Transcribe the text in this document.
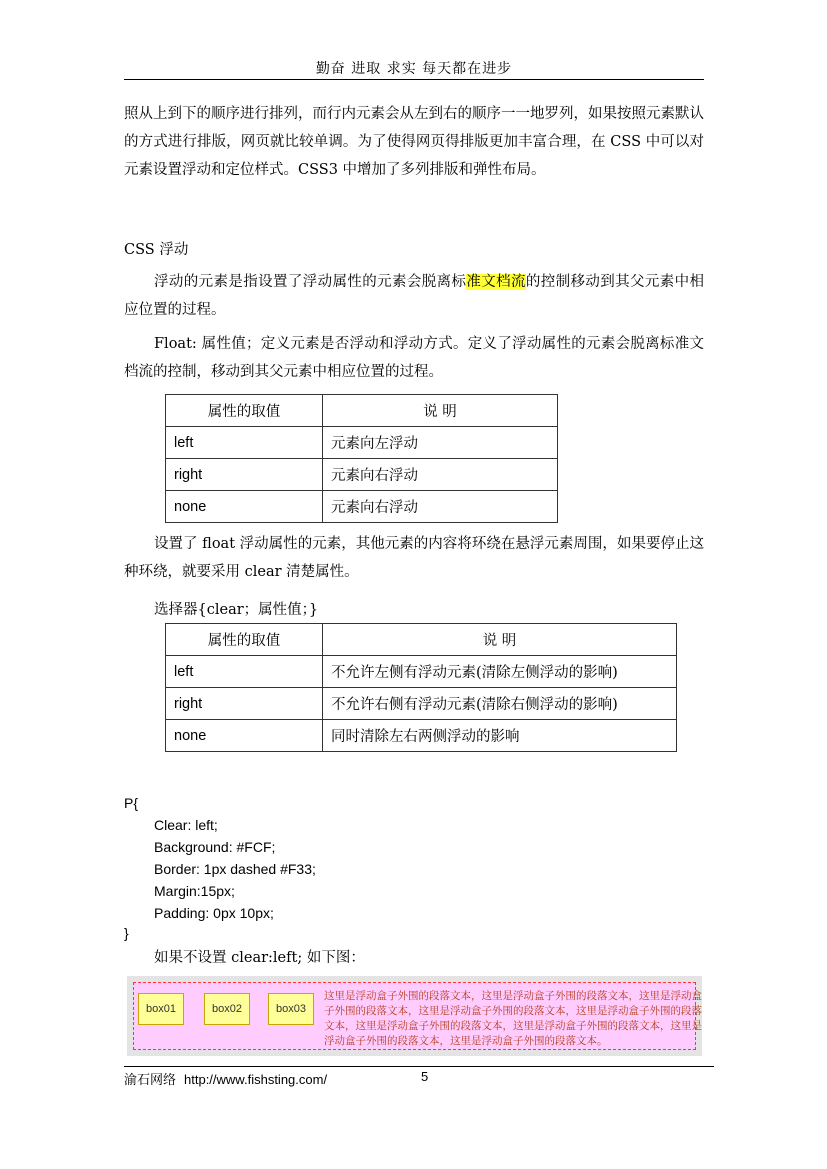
勤奋 进取 求实 每天都在进步
照从上到下的顺序进行排列，而行内元素会从左到右的顺序一一地罗列，如果按照元素默认的方式进行排版，网页就比较单调。为了使得网页得排版更加丰富合理，在 CSS 中可以对元素设置浮动和定位样式。CSS3 中增加了多列排版和弹性布局。
CSS 浮动
浮动的元素是指设置了浮动属性的元素会脱离标准文档流的控制移动到其父元素中相应位置的过程。
Float: 属性值；定义元素是否浮动和浮动方式。定义了浮动属性的元素会脱离标准文档流的控制，移动到其父元素中相应位置的过程。
属性的取值	说 明
left	元素向左浮动
right	元素向右浮动
none	元素向右浮动
设置了 float 浮动属性的元素，其他元素的内容将环绕在悬浮元素周围，如果要停止这种环绕，就要采用 clear 清楚属性。
选择器{clear；属性值；}
属性的取值	说 明
left	不允许左侧有浮动元素(清除左侧浮动的影响)
right	不允许右侧有浮动元素(清除右侧浮动的影响)
none	同时清除左右两侧浮动的影响
P{
Clear: left;
Background: #FCF;
Border: 1px dashed #F33;
Margin:15px;
Padding: 0px 10px;
}
如果不设置 clear:left; 如下图：
box01	box02	box03
这里是浮动盒子外围的段落文本，这里是浮动盒子外围的段落文本，这里是浮动盒子外围的段落文本，这里是浮动盒子外围的段落文本，这里是浮动盒子外围的段落文本，这里是浮动盒子外围的段落文本，这里是浮动盒子外围的段落文本，这里是浮动盒子外围的段落文本，这里是浮动盒子外围的段落文本。
渝石网络 http://www.fishsting.com/	5
